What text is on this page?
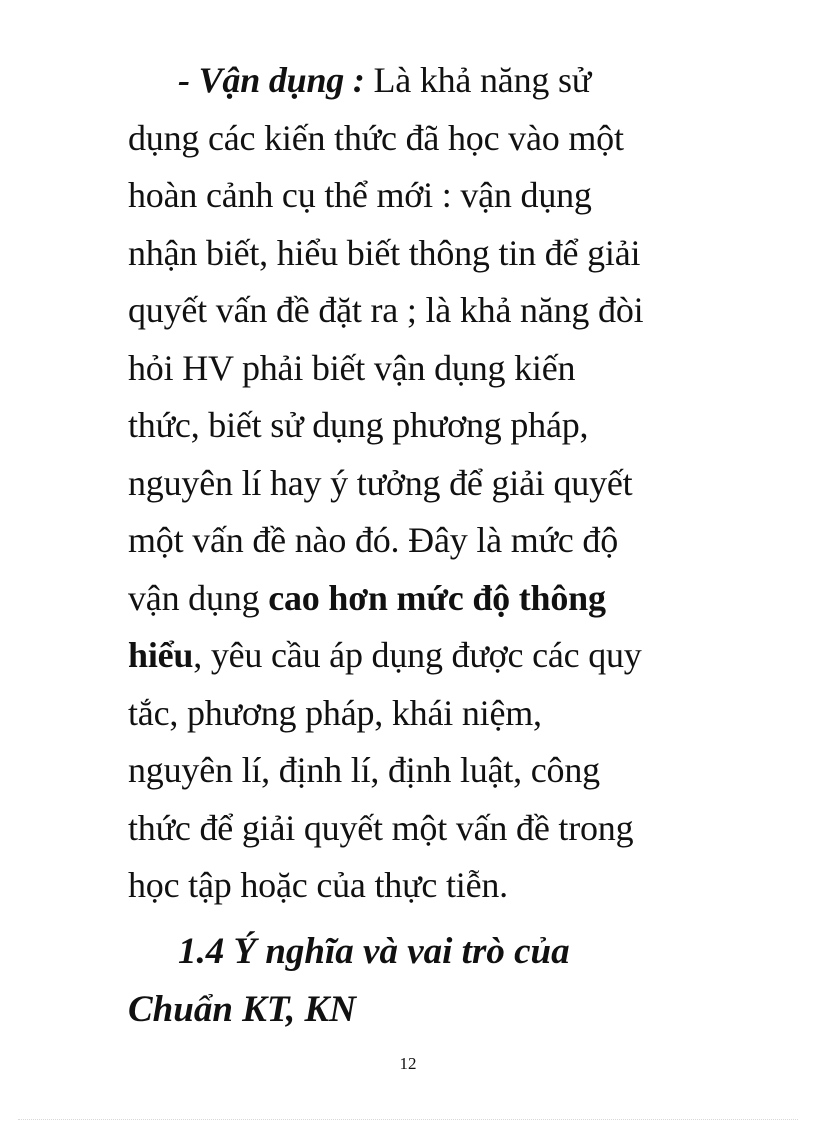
- Vận dụng : Là khả năng sử
dụng các kiến thức đã học vào một
hoàn cảnh cụ thể mới : vận dụng
nhận biết, hiểu biết thông tin để giải
quyết vấn đề đặt ra ; là khả năng đòi
hỏi HV phải biết vận dụng kiến
thức, biết sử dụng phương pháp,
nguyên lí hay ý tưởng để giải quyết
một vấn đề nào đó. Đây là mức độ
vận dụng cao hơn mức độ thông
hiểu, yêu cầu áp dụng được các quy
tắc, phương pháp, khái niệm,
nguyên lí, định lí, định luật, công
thức để giải quyết một vấn đề trong
học tập hoặc của thực tiễn.
1.4 Ý nghĩa và vai trò của
Chuẩn KT, KN
12
